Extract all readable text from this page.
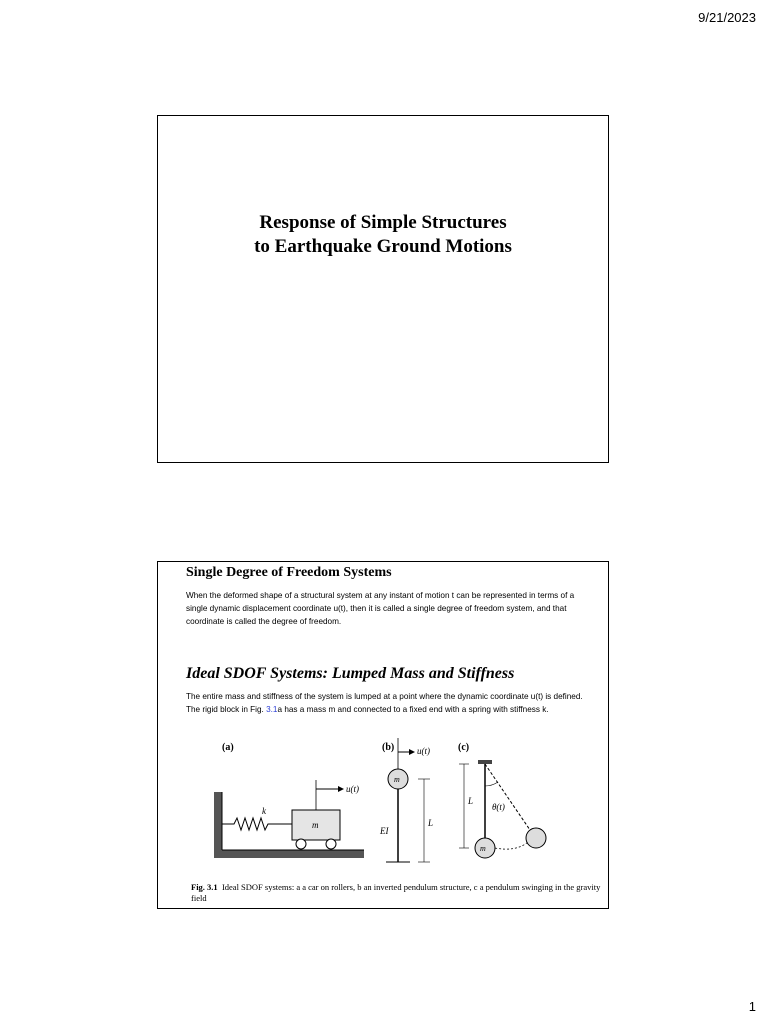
9/21/2023
Response of Simple Structures
to Earthquake Ground Motions
Single Degree of Freedom Systems
When the deformed shape of a structural system at any instant of motion t can be represented in terms of a single dynamic displacement coordinate u(t), then it is called a single degree of freedom system, and that coordinate is called the degree of freedom.
Ideal SDOF Systems: Lumped Mass and Stiffness
The entire mass and stiffness of the system is lumped at a point where the dynamic coordinate u(t) is defined. The rigid block in Fig. 3.1a has a mass m and connected to a fixed end with a spring with stiffness k.
(a)
k
m
u(t)
(b)	u(t)
m
EI
L
(c)
L
θ(t)
m
Fig. 3.1 Ideal SDOF systems: a a car on rollers, b an inverted pendulum structure, c a pendulum swinging in the gravity field
1
